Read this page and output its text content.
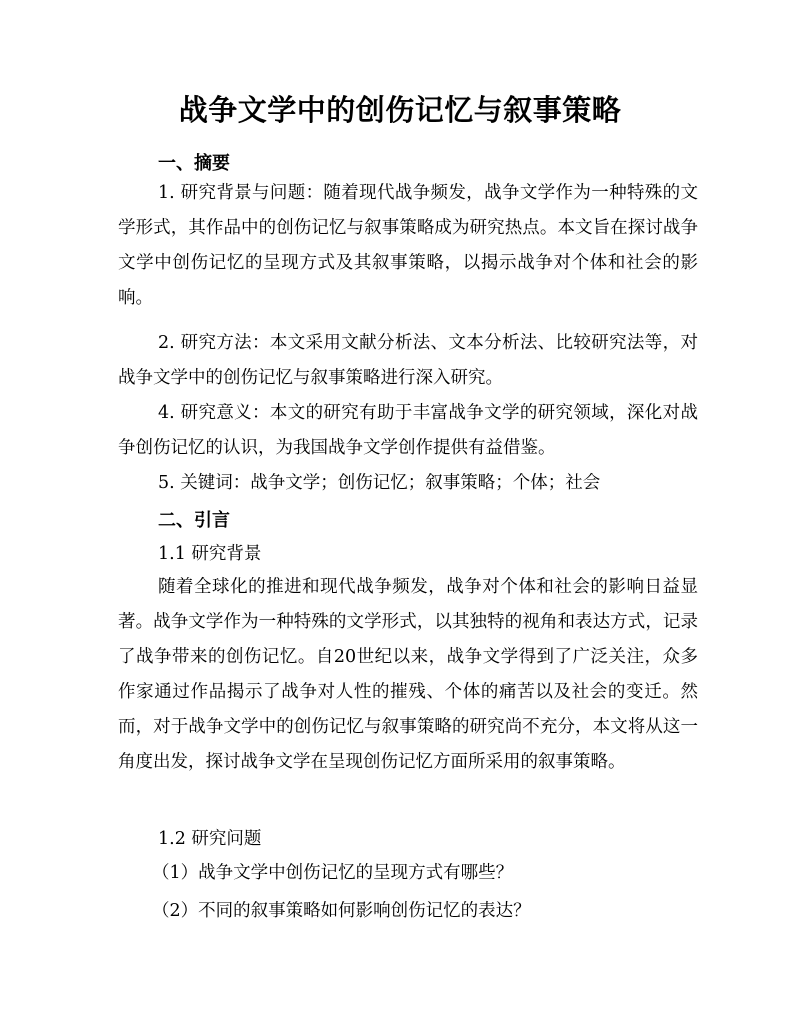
战争文学中的创伤记忆与叙事策略
一、摘要
1. 研究背景与问题：随着现代战争频发，战争文学作为一种特殊的文学形式，其作品中的创伤记忆与叙事策略成为研究热点。本文旨在探讨战争文学中创伤记忆的呈现方式及其叙事策略，以揭示战争对个体和社会的影响。
2. 研究方法：本文采用文献分析法、文本分析法、比较研究法等，对战争文学中的创伤记忆与叙事策略进行深入研究。
4. 研究意义：本文的研究有助于丰富战争文学的研究领域，深化对战争创伤记忆的认识，为我国战争文学创作提供有益借鉴。
5. 关键词：战争文学；创伤记忆；叙事策略；个体；社会
二、引言
1.1 研究背景
随着全球化的推进和现代战争频发，战争对个体和社会的影响日益显著。战争文学作为一种特殊的文学形式，以其独特的视角和表达方式，记录了战争带来的创伤记忆。自20世纪以来，战争文学得到了广泛关注，众多作家通过作品揭示了战争对人性的摧残、个体的痛苦以及社会的变迁。然而，对于战争文学中的创伤记忆与叙事策略的研究尚不充分，本文将从这一角度出发，探讨战争文学在呈现创伤记忆方面所采用的叙事策略。
1.2 研究问题
（1）战争文学中创伤记忆的呈现方式有哪些？
（2）不同的叙事策略如何影响创伤记忆的表达？
